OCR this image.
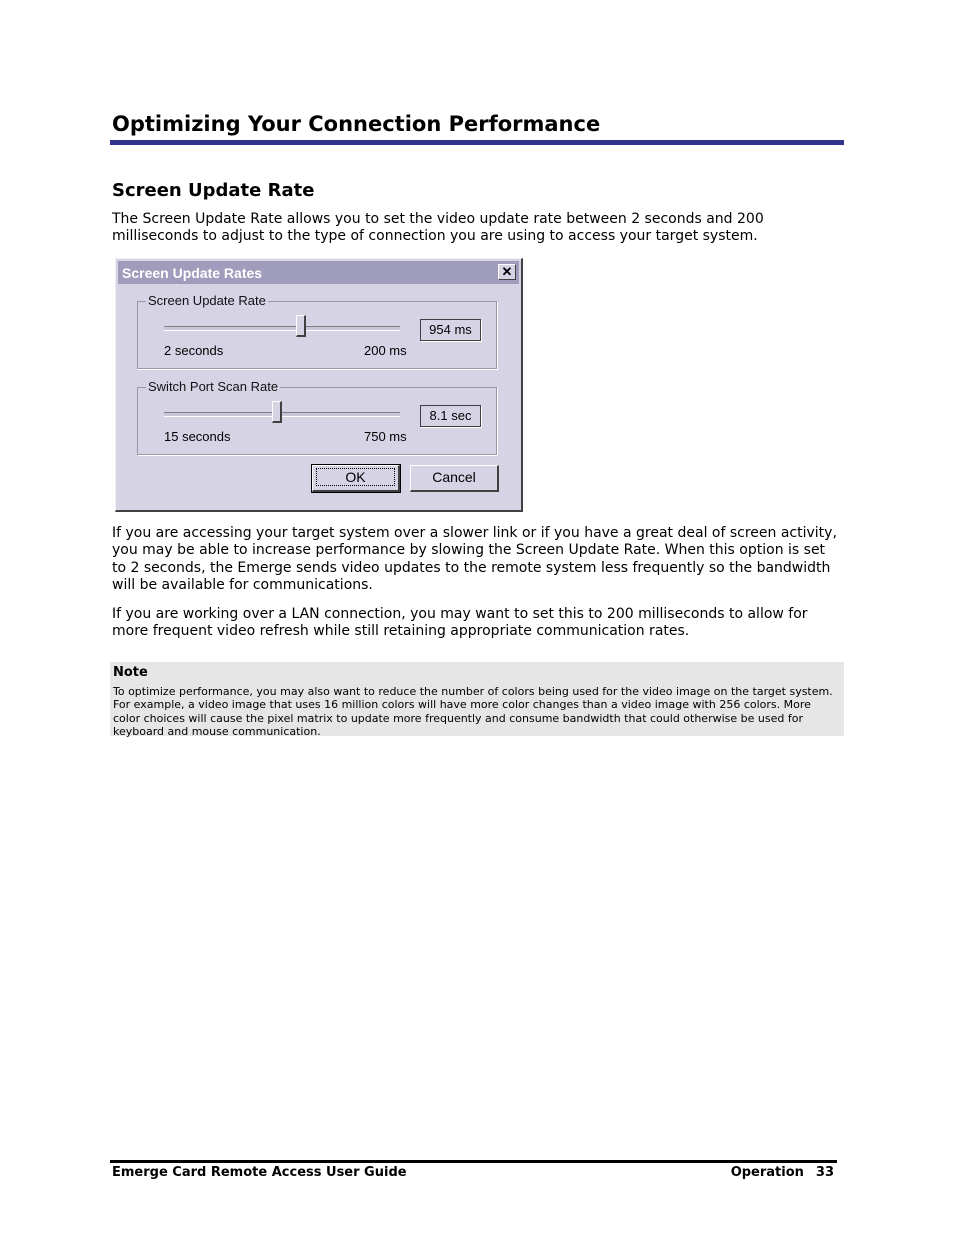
Optimizing Your Connection Performance
Screen Update Rate

The Screen Update Rate allows you to set the video update rate between 2 seconds and 200 milliseconds to adjust to the type of connection you are using to access your target system.

Screen Update Rates	✕
Screen Update Rate
954 ms
2 seconds	200 ms
Switch Port Scan Rate
8.1 sec
15 seconds	750 ms
OK	Cancel

If you are accessing your target system over a slower link or if you have a great deal of screen activity, you may be able to increase performance by slowing the Screen Update Rate. When this option is set to 2 seconds, the Emerge sends video updates to the remote system less frequently so the bandwidth will be available for communications.

If you are working over a LAN connection, you may want to set this to 200 milliseconds to allow for more frequent video refresh while still retaining appropriate communication rates.

Note

To optimize performance, you may also want to reduce the number of colors being used for the video image on the target system. For example, a video image that uses 16 million colors will have more color changes than a video image with 256 colors. More color choices will cause the pixel matrix to update more frequently and consume bandwidth that could otherwise be used for keyboard and mouse communication.

Emerge Card Remote Access User Guide	Operation 33
